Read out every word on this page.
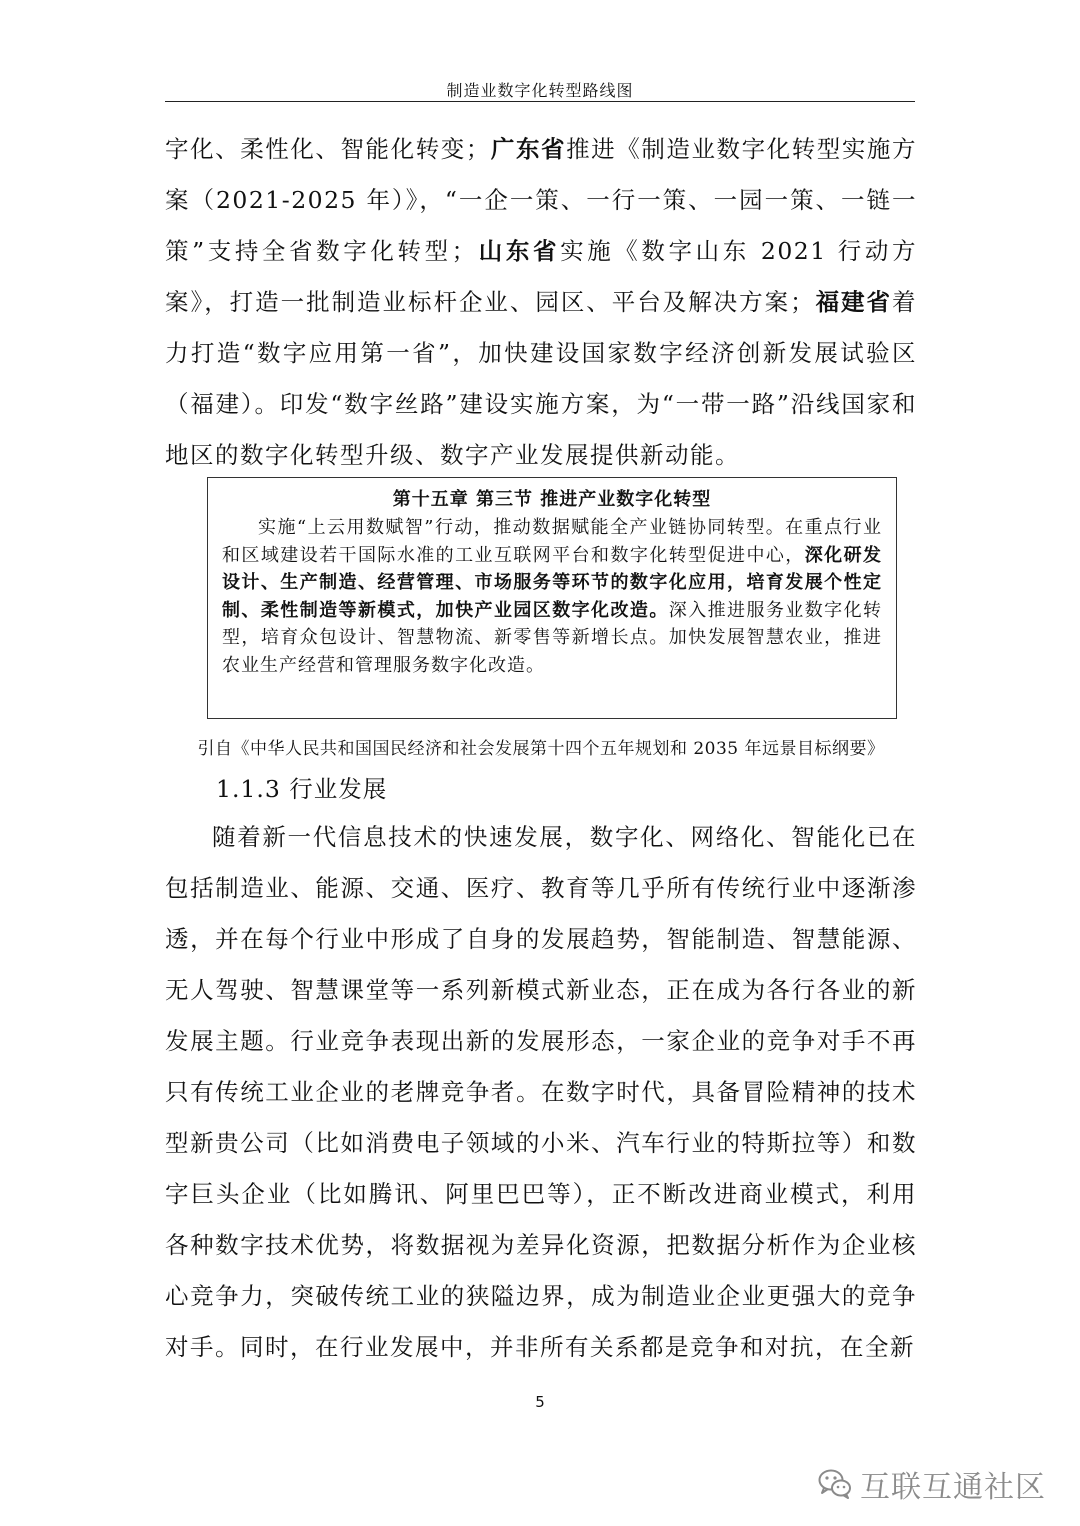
制造业数字化转型路线图

字化、柔性化、智能化转变；广东省推进《制造业数字化转型实施方案（2021-2025 年）》，“一企一策、一行一策、一园一策、一链一策”支持全省数字化转型；山东省实施《数字山东 2021 行动方案》，打造一批制造业标杆企业、园区、平台及解决方案；福建省着力打造“数字应用第一省”，加快建设国家数字经济创新发展试验区（福建）。印发“数字丝路”建设实施方案，为“一带一路”沿线国家和地区的数字化转型升级、数字产业发展提供新动能。

第十五章 第三节 推进产业数字化转型

实施“上云用数赋智”行动，推动数据赋能全产业链协同转型。在重点行业和区域建设若干国际水准的工业互联网平台和数字化转型促进中心，深化研发设计、生产制造、经营管理、市场服务等环节的数字化应用，培育发展个性定制、柔性制造等新模式，加快产业园区数字化改造。深入推进服务业数字化转型，培育众包设计、智慧物流、新零售等新增长点。加快发展智慧农业，推进农业生产经营和管理服务数字化改造。

引自《中华人民共和国国民经济和社会发展第十四个五年规划和 2035 年远景目标纲要》
1.1.3 行业发展

随着新一代信息技术的快速发展，数字化、网络化、智能化已在包括制造业、能源、交通、医疗、教育等几乎所有传统行业中逐渐渗透，并在每个行业中形成了自身的发展趋势，智能制造、智慧能源、无人驾驶、智慧课堂等一系列新模式新业态，正在成为各行各业的新发展主题。行业竞争表现出新的发展形态，一家企业的竞争对手不再只有传统工业企业的老牌竞争者。在数字时代，具备冒险精神的技术型新贵公司（比如消费电子领域的小米、汽车行业的特斯拉等）和数字巨头企业（比如腾讯、阿里巴巴等），正不断改进商业模式，利用各种数字技术优势，将数据视为差异化资源，把数据分析作为企业核心竞争力，突破传统工业的狭隘边界，成为制造业企业更强大的竞争对手。同时，在行业发展中，并非所有关系都是竞争和对抗，在全新

5
互联互通社区
